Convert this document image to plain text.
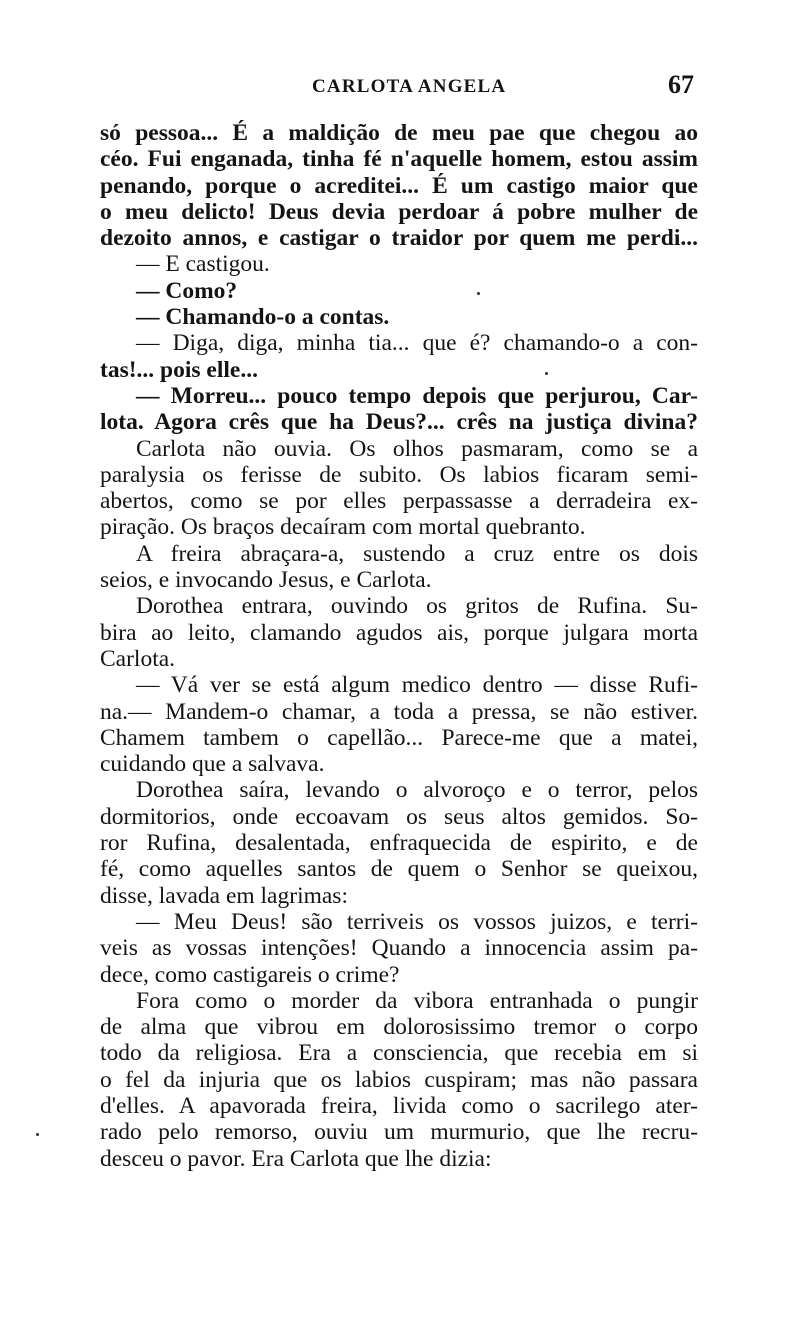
CARLOTA ANGELA	67
só pessoa... É a maldição de meu pae que chegou ao
céo. Fui enganada, tinha fé n'aquelle homem, estou assim
penando, porque o acreditei... É um castigo maior que
o meu delicto! Deus devia perdoar á pobre mulher de
dezoito annos, e castigar o traidor por quem me perdi...
— E castigou.
— Como?
— Chamando-o a contas.
— Diga, diga, minha tia... que é? chamando-o a con-
tas!... pois elle...
— Morreu... pouco tempo depois que perjurou, Car-
lota. Agora crês que ha Deus?... crês na justiça divina?
Carlota não ouvia. Os olhos pasmaram, como se a
paralysia os ferisse de subito. Os labios ficaram semi-
abertos, como se por elles perpassasse a derradeira ex-
piração. Os braços decaíram com mortal quebranto.
A freira abraçara-a, sustendo a cruz entre os dois
seios, e invocando Jesus, e Carlota.
Dorothea entrara, ouvindo os gritos de Rufina. Su-
bira ao leito, clamando agudos ais, porque julgara morta
Carlota.
— Vá ver se está algum medico dentro — disse Rufi-
na.— Mandem-o chamar, a toda a pressa, se não estiver.
Chamem tambem o capellão... Parece-me que a matei,
cuidando que a salvava.
Dorothea saíra, levando o alvoroço e o terror, pelos
dormitorios, onde eccoavam os seus altos gemidos. So-
ror Rufina, desalentada, enfraquecida de espirito, e de
fé, como aquelles santos de quem o Senhor se queixou,
disse, lavada em lagrimas:
— Meu Deus! são terriveis os vossos juizos, e terri-
veis as vossas intenções! Quando a innocencia assim pa-
dece, como castigareis o crime?
Fora como o morder da vibora entranhada o pungir
de alma que vibrou em dolorosissimo tremor o corpo
todo da religiosa. Era a consciencia, que recebia em si
o fel da injuria que os labios cuspiram; mas não passara
d'elles. A apavorada freira, livida como o sacrilego ater-
rado pelo remorso, ouviu um murmurio, que lhe recru-
desceu o pavor. Era Carlota que lhe dizia:
